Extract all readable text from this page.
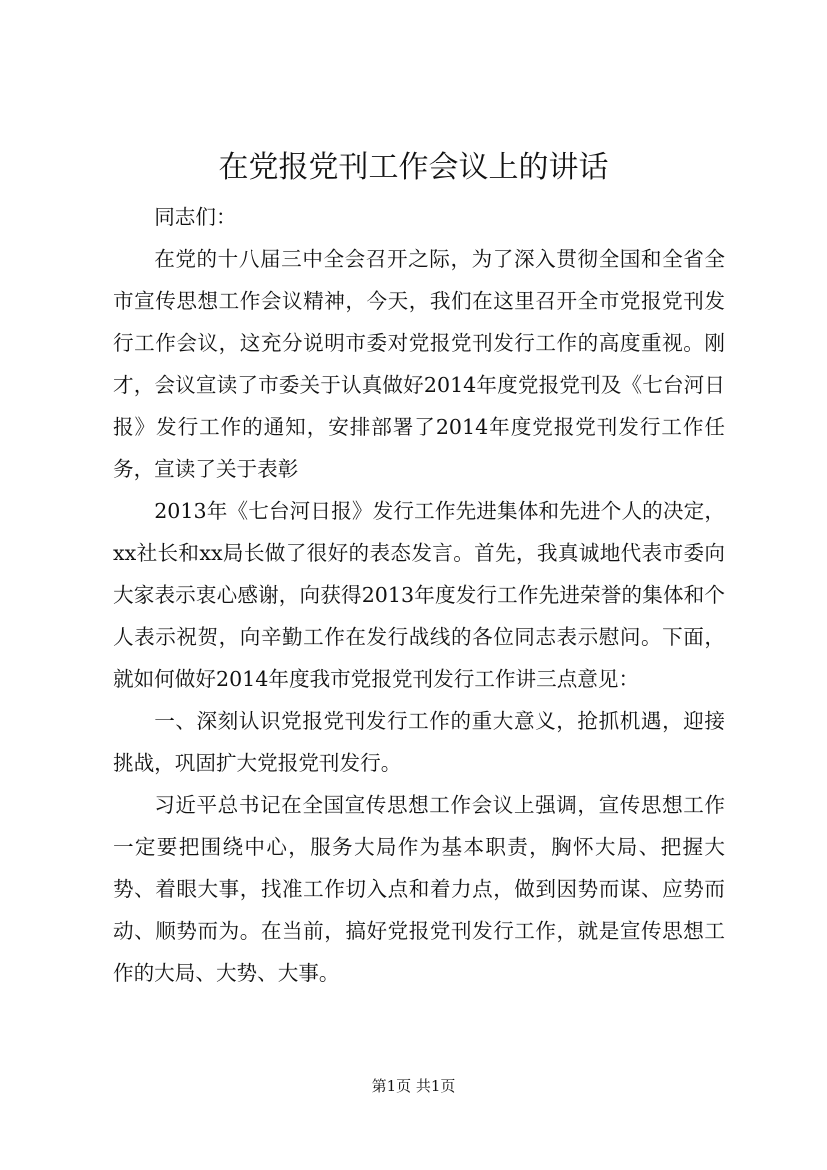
在党报党刊工作会议上的讲话

同志们：

在党的十八届三中全会召开之际，为了深入贯彻全国和全省全市宣传思想工作会议精神，今天，我们在这里召开全市党报党刊发行工作会议，这充分说明市委对党报党刊发行工作的高度重视。刚才，会议宣读了市委关于认真做好2014年度党报党刊及《七台河日报》发行工作的通知，安排部署了2014年度党报党刊发行工作任务，宣读了关于表彰

2013年《七台河日报》发行工作先进集体和先进个人的决定，xx社长和xx局长做了很好的表态发言。首先，我真诚地代表市委向大家表示衷心感谢，向获得2013年度发行工作先进荣誉的集体和个人表示祝贺，向辛勤工作在发行战线的各位同志表示慰问。下面，就如何做好2014年度我市党报党刊发行工作讲三点意见：

一、深刻认识党报党刊发行工作的重大意义，抢抓机遇，迎接挑战，巩固扩大党报党刊发行。

习近平总书记在全国宣传思想工作会议上强调，宣传思想工作一定要把围绕中心，服务大局作为基本职责，胸怀大局、把握大势、着眼大事，找准工作切入点和着力点，做到因势而谋、应势而动、顺势而为。在当前，搞好党报党刊发行工作，就是宣传思想工作的大局、大势、大事。

第1页 共1页
